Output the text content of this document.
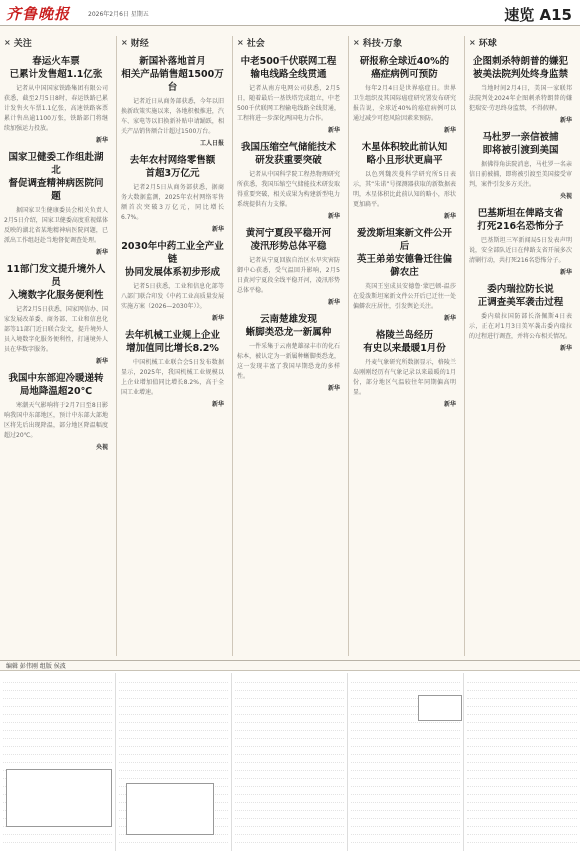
齐鲁晚报	2026年2月6日 星期五	速览 A15
× 关注
春运火车票
已累计发售超1.1亿张

记者从中国国家铁路集团有限公司获悉，截至2月5日8时，春运铁路已累计发售火车票1.1亿张，高速铁路客票累计售出逾1100万张，铁路部门将继续加强运力投放。

新华
国家卫健委工作组赴湖北
督促调查精神病医院问题

据国家卫生健康委员会相关负责人2月5日介绍，国家卫健委高度重视媒体反映的湖北省某地精神病医院问题，已派出工作组赶赴当地督促调查处理。

新华
11部门发文提升境外人员
入境数字化服务便利性

记者2月5日获悉，国家网信办、国家发展改革委、商务部、工业和信息化部等11部门近日联合发文，提升境外人员入境数字化服务便利性，打通境外人员在华数字服务。

新华
我国中东部迎冷暖递转
局地降温超20℃

寒潮天气影响将于2月7日至8日影响我国中东部地区，预计中东部大部地区将先后出现降温，部分地区降温幅度超过20℃。

央视
× 财经
新国补落地首月
相关产品销售超1500万台

记者近日从商务部获悉，今年以旧换新政策实施以来，各地积极推进，汽车、家电等以旧换新补贴申请踊跃，相关产品销售额合计超过1500万台。

工人日报
去年农村网络零售额
首超3万亿元

记者2月5日从商务部获悉，据商务大数据监测，2025年农村网络零售额首次突破3万亿元，同比增长6.7%。

新华
2030年中药工业全产业链
协同发展体系初步形成

记者5日获悉，工业和信息化部等八部门联合印发《中药工业高质量发展实施方案（2026—2030年）》。

新华
去年机械工业规上企业
增加值同比增长8.2%

中国机械工业联合会5日发布数据显示，2025年，我国机械工业规模以上企业增加值同比增长8.2%，高于全国工业增速。

新华
× 社会
中老500千伏联网工程
输电线路全线贯通

记者从南方电网公司获悉，2月5日，随着最后一基铁塔完成组立，中老500千伏联网工程输电线路全线贯通，工程将进一步深化两国电力合作。

新华
我国压缩空气储能技术
研发获重要突破

记者从中国科学院工程热物理研究所获悉，我国压缩空气储能技术研发取得重要突破，相关成果为构建新型电力系统提供有力支撑。

新华
黄河宁夏段平稳开河
凌汛形势总体平稳

记者从宁夏回族自治区水旱灾害防御中心获悉，受气温回升影响，2月5日黄河宁夏段全线平稳开河，凌汛形势总体平稳。

新华
云南楚雄发现
蜥脚类恐龙一新属种

一件采集于云南楚雄禄丰市的化石标本，被认定为一新属种蜥脚类恐龙，这一发现丰富了我国早期恐龙的多样性。

新华
× 科技·万象
研报称全球近40%的
癌症病例可预防

每年2月4日是世界癌症日。世界卫生组织及其国际癌症研究署发布研究报告说，全球近40%的癌症病例可以通过减少可控风险因素来预防。

新华
木星体积较此前认知
略小且形状更扁平

以色列魏茨曼科学研究所5日表示，其“朱诺”号探测器获取的新数据表明，木星体积比此前认知的略小，形状更加扁平。

新华
爱泼斯坦案新文件公开后
英王弟弟安德鲁迁往偏僻农庄

英国王室成员安德鲁·蒙巴顿-温莎在爱泼斯坦案新文件公开后已迁往一处偏僻农庄居住，引发舆论关注。

新华
格陵兰岛经历
有史以来最暖1月份

丹麦气象研究所数据显示，格陵兰岛刚刚经历有气象记录以来最暖的1月份，部分地区气温较往年同期偏高明显。

新华
× 环球
企图刺杀特朗普的嫌犯
被美法院判处终身监禁

当地时间2月4日，美国一家联邦法院判处2024年企图刺杀特朗普的嫌犯瑞安·劳思终身监禁，不得假释。

新华
马杜罗一亲信被捕
即将被引渡到美国

据佛得角法院消息，马杜罗一名亲信日前被捕，即将被引渡至美国接受审判，案件引发多方关注。

央视
巴基斯坦在俾路支省
打死216名恐怖分子

巴基斯坦三军新闻局5日发表声明说，安全部队近日在俾路支省开展多次清剿行动，共打死216名恐怖分子。

新华
委内瑞拉防长说
正调查美军袭击过程

委内瑞拉国防部长洛佩斯4日表示，正在对1月3日美军袭击委内瑞拉的过程进行调查，并将公布相关情况。

新华
编辑 彭伟刚 组版 侯波
